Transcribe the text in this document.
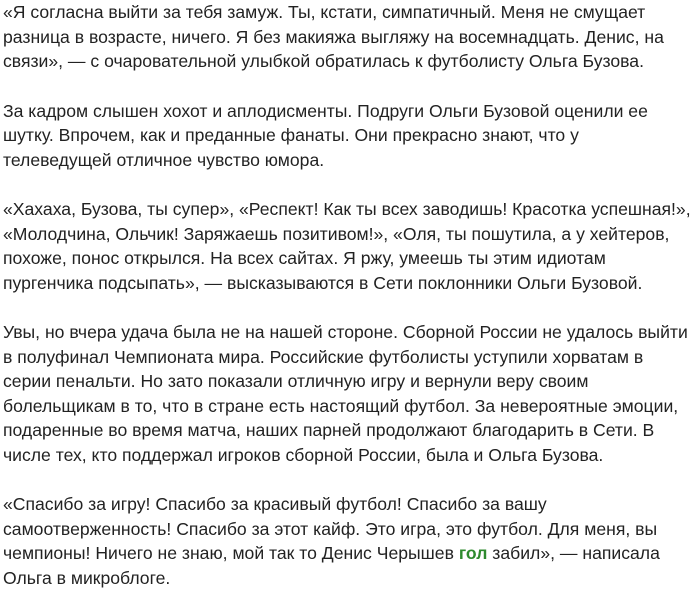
«Я согласна выйти за тебя замуж. Ты, кстати, симпатичный. Меня не смущает разница в возрасте, ничего. Я без макияжа выгляжу на восемнадцать. Денис, на связи», — с очаровательной улыбкой обратилась к футболисту Ольга Бузова.

За кадром слышен хохот и аплодисменты. Подруги Ольги Бузовой оценили ее шутку. Впрочем, как и преданные фанаты. Они прекрасно знают, что у телеведущей отличное чувство юмора.

«Хахаха, Бузова, ты супер», «Респект! Как ты всех заводишь! Красотка успешная!», «Молодчина, Ольчик! Заряжаешь позитивом!», «Оля, ты пошутила, а у хейтеров, похоже, понос открылся. На всех сайтах. Я ржу, умеешь ты этим идиотам пургенчика подсыпать», — высказываются в Сети поклонники Ольги Бузовой.

Увы, но вчера удача была не на нашей стороне. Сборной России не удалось выйти в полуфинал Чемпионата мира. Российские футболисты уступили хорватам в серии пенальти. Но зато показали отличную игру и вернули веру своим болельщикам в то, что в стране есть настоящий футбол. За невероятные эмоции, подаренные во время матча, наших парней продолжают благодарить в Сети. В числе тех, кто поддержал игроков сборной России, была и Ольга Бузова.

«Спасибо за игру! Спасибо за красивый футбол! Спасибо за вашу самоотверженность! Спасибо за этот кайф. Это игра, это футбол. Для меня, вы чемпионы! Ничего не знаю, мой так то Денис Черышев гол забил», — написала Ольга в микроблоге.
